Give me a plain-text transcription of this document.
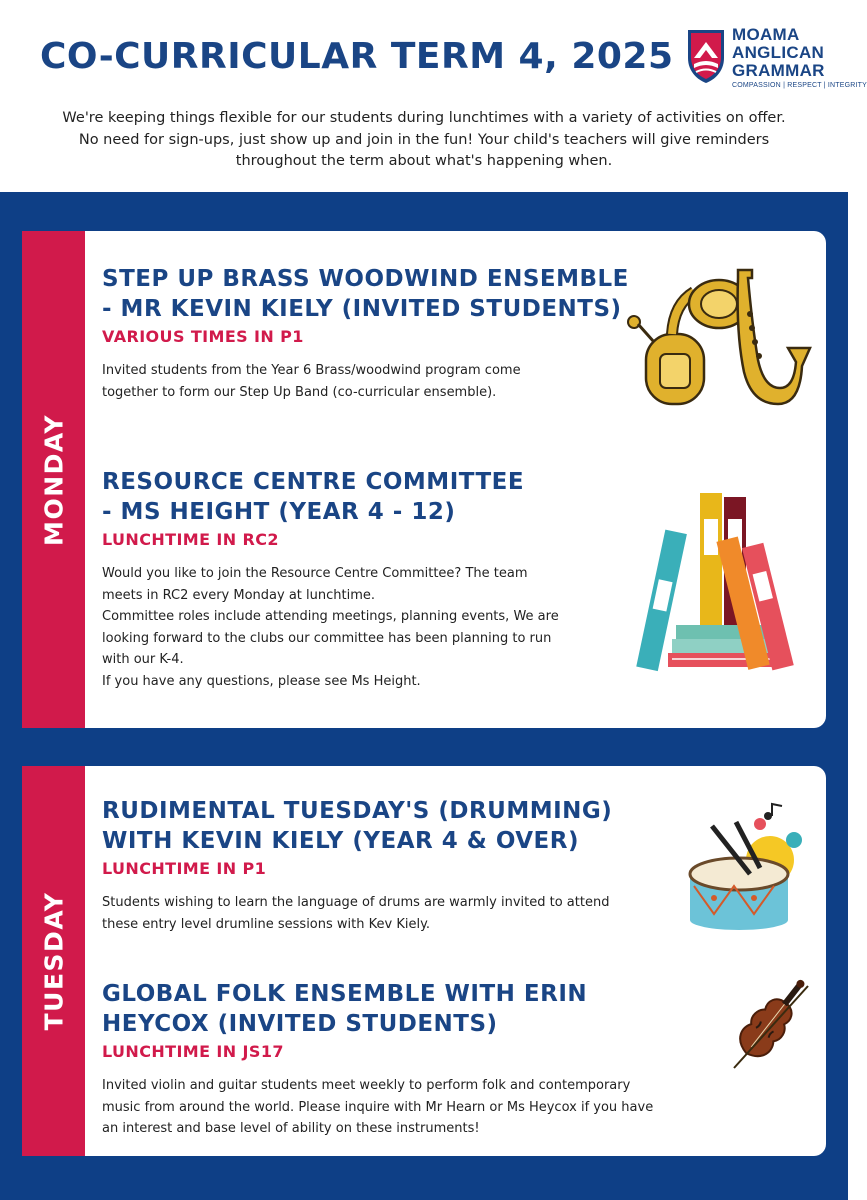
CO-CURRICULAR TERM 4, 2025
MOAMA
ANGLICAN
GRAMMAR
COMPASSION | RESPECT | INTEGRITY

We're keeping things flexible for our students during lunchtimes with a variety of activities on offer.
No need for sign-ups, just show up and join in the fun! Your child's teachers will give reminders
throughout the term about what's happening when.

MONDAY
STEP UP BRASS WOODWIND ENSEMBLE
- MR KEVIN KIELY (INVITED STUDENTS)

VARIOUS TIMES IN P1

Invited students from the Year 6 Brass/woodwind program come
together to form our Step Up Band (co-curricular ensemble).

RESOURCE CENTRE COMMITTEE
- MS HEIGHT (YEAR 4 - 12)

LUNCHTIME IN RC2

Would you like to join the Resource Centre Committee? The team
meets in RC2 every Monday at lunchtime.
Committee roles include attending meetings, planning events, We are
looking forward to the clubs our committee has been planning to run
with our K-4.
If you have any questions, please see Ms Height.

TUESDAY
RUDIMENTAL TUESDAY'S (DRUMMING)
WITH KEVIN KIELY (YEAR 4 & OVER)

LUNCHTIME IN P1

Students wishing to learn the language of drums are warmly invited to attend
these entry level drumline sessions with Kev Kiely.

GLOBAL FOLK ENSEMBLE WITH ERIN
HEYCOX (INVITED STUDENTS)

LUNCHTIME IN JS17

Invited violin and guitar students meet weekly to perform folk and contemporary
music from around the world. Please inquire with Mr Hearn or Ms Heycox if you have
an interest and base level of ability on these instruments!
